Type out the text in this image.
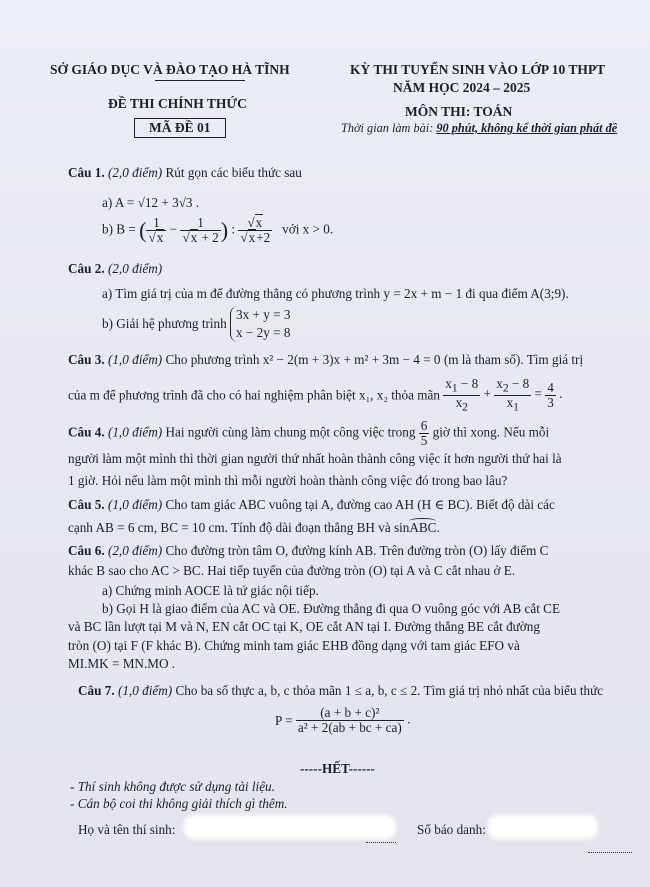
SỞ GIÁO DỤC VÀ ĐÀO TẠO HÀ TĨNH
ĐỀ THI CHÍNH THỨC
MÃ ĐỀ 01
KỲ THI TUYỂN SINH VÀO LỚP 10 THPT
NĂM HỌC 2024 – 2025
MÔN THI: TOÁN
Thời gian làm bài: 90 phút, không kể thời gian phát đề
Câu 1. (2,0 điểm) Rút gọn các biểu thức sau
a) A = √12 + 3√3 .
b) B = ( $\frac{1}{√x} - \frac{1}{√x + 2}$ ) : $\frac{√x}{√x+2}$ với x > 0.
Câu 2. (2,0 điểm)
a) Tìm giá trị của m để đường thẳng có phương trình y = 2x + m − 1 đi qua điểm A(3;9).
b) Giải hệ phương trình
3x + y = 3
x − 2y = 8
Câu 3. (1,0 điểm) Cho phương trình x² − 2(m + 3)x + m² + 3m − 4 = 0 (m là tham số). Tìm giá trị
của m để phương trình đã cho có hai nghiệm phân biệt x₁, x₂ thỏa mãn $\frac{x_1 - 8}{x_2} + \frac{x_2 - 8}{x_1} = \frac{4}{3}$ .
Câu 4. (1,0 điểm) Hai người cùng làm chung một công việc trong $\frac{6}{5}$ giờ thì xong. Nếu mỗi
người làm một mình thì thời gian người thứ nhất hoàn thành công việc ít hơn người thứ hai là
1 giờ. Hỏi nếu làm một mình thì mỗi người hoàn thành công việc đó trong bao lâu?
Câu 5. (1,0 điểm) Cho tam giác ABC vuông tại A, đường cao AH (H ∈ BC). Biết độ dài các
cạnh AB = 6 cm, BC = 10 cm. Tính độ dài đoạn thẳng BH và sinABC.
Câu 6. (2,0 điểm) Cho đường tròn tâm O, đường kính AB. Trên đường tròn (O) lấy điểm C
khác B sao cho AC > BC. Hai tiếp tuyến của đường tròn (O) tại A và C cắt nhau ở E.
a) Chứng minh AOCE là tứ giác nội tiếp.
b) Gọi H là giao điểm của AC và OE. Đường thẳng đi qua O vuông góc với AB cắt CE
và BC lần lượt tại M và N, EN cắt OC tại K, OE cắt AN tại I. Đường thẳng BE cắt đường
tròn (O) tại F (F khác B). Chứng minh tam giác EHB đồng dạng với tam giác EFO và
MI.MK = MN.MO .
Câu 7. (1,0 điểm) Cho ba số thực a, b, c thỏa mãn 1 ≤ a, b, c ≤ 2. Tìm giá trị nhỏ nhất của biểu thức
$P = \frac{\text{(a + b + c)²}}{\text{a² + 2(ab + bc + ca)}}$ .
-----HẾT------
- Thí sinh không được sử dụng tài liệu.
- Cán bộ coi thi không giải thích gì thêm.
Họ và tên thí sinh:	Số báo danh:
